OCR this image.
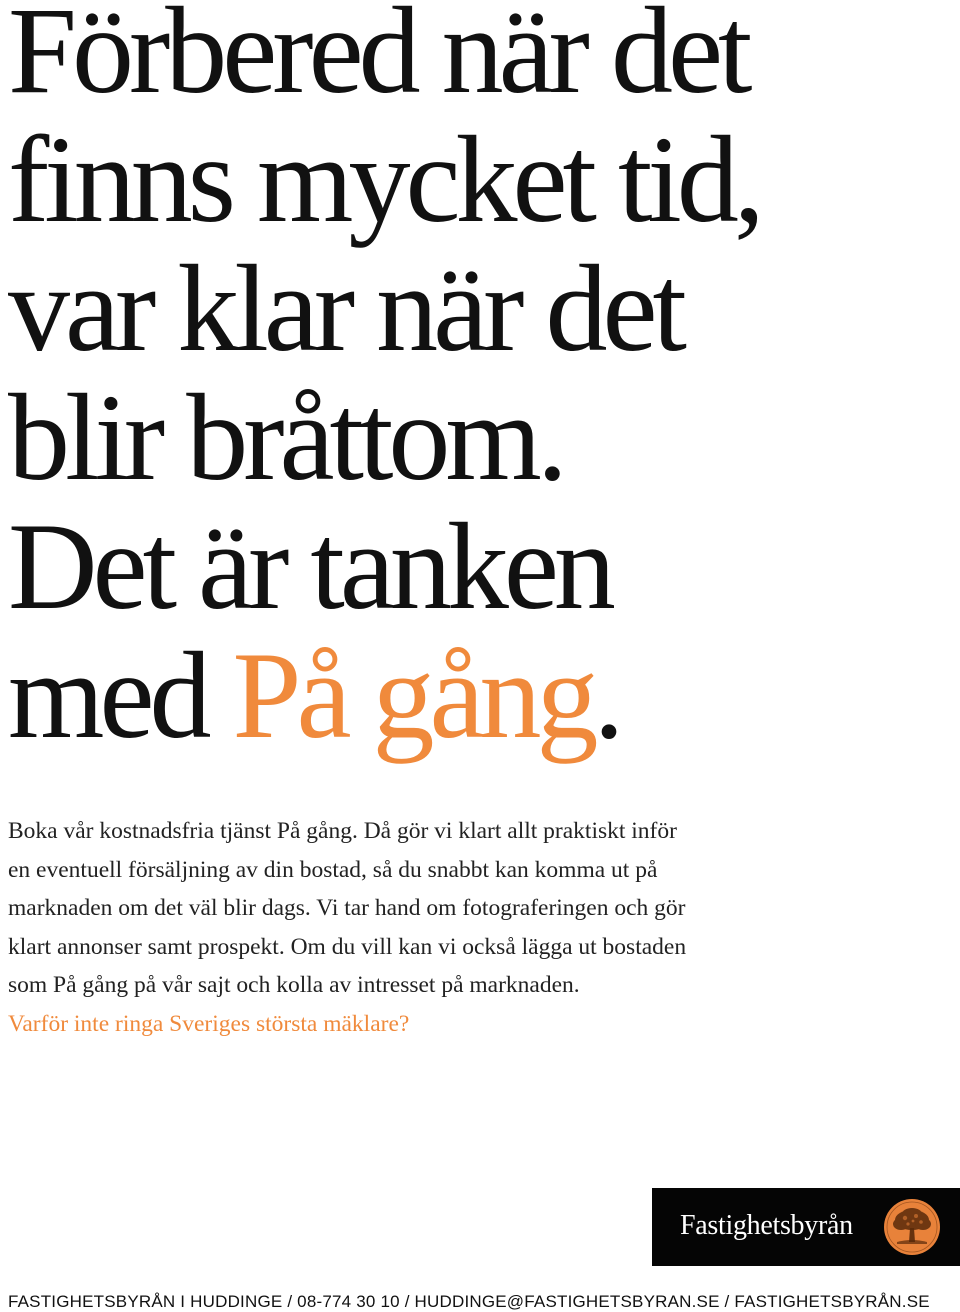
Förbered när det
finns mycket tid,
var klar när det
blir bråttom.
Det är tanken
med På gång.
Boka vår kostnadsfria tjänst På gång. Då gör vi klart allt praktiskt inför
en eventuell försäljning av din bostad, så du snabbt kan komma ut på
marknaden om det väl blir dags. Vi tar hand om fotograferingen och gör
klart annonser samt prospekt. Om du vill kan vi också lägga ut bostaden
som På gång på vår sajt och kolla av intresset på marknaden.
Varför inte ringa Sveriges största mäklare?
Fastighetsbyrån
FASTIGHETSBYRÅN I HUDDINGE / 08-774 30 10 / HUDDINGE@FASTIGHETSBYRAN.SE / FASTIGHETSBYRÅN.SE
